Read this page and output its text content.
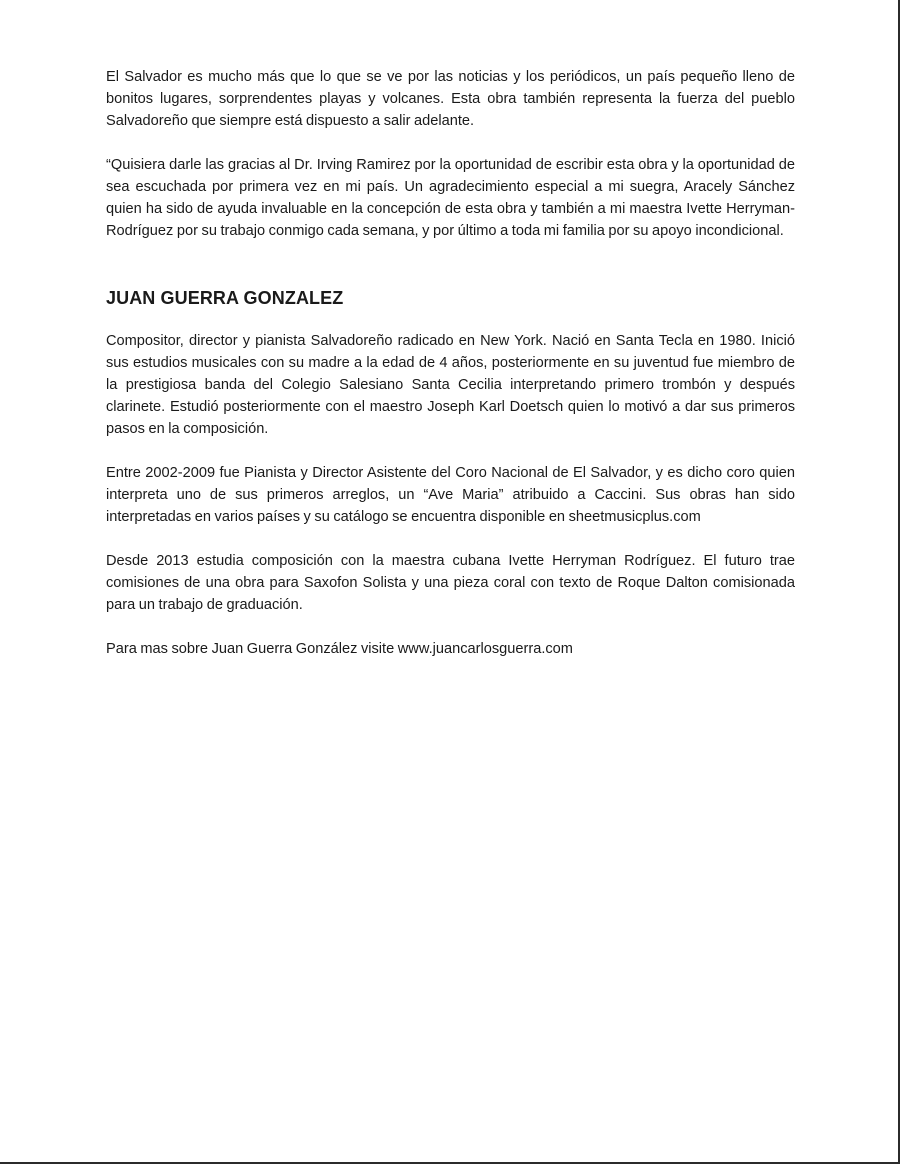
El Salvador es mucho más que lo que se ve por las noticias y los periódicos, un país pequeño lleno de bonitos lugares, sorprendentes playas y volcanes. Esta obra también representa la fuerza del pueblo Salvadoreño que siempre está dispuesto a salir adelante.

“Quisiera darle las gracias al Dr. Irving Ramirez por la oportunidad de escribir esta obra y la oportunidad de sea escuchada por primera vez en mi país. Un agradecimiento especial a mi suegra, Aracely Sánchez quien ha sido de ayuda invaluable en la concepción de esta obra y también a mi maestra Ivette Herryman-Rodríguez por su trabajo conmigo cada semana, y por último a toda mi familia por su apoyo incondicional.

JUAN GUERRA GONZALEZ

Compositor, director y pianista Salvadoreño radicado en New York. Nació en Santa Tecla en 1980. Inició sus estudios musicales con su madre a la edad de 4 años, posteriormente en su juventud fue miembro de la prestigiosa banda del Colegio Salesiano Santa Cecilia interpretando primero trombón y después clarinete. Estudió posteriormente con el maestro Joseph Karl Doetsch quien lo motivó a dar sus primeros pasos en la composición.

Entre 2002-2009 fue Pianista y Director Asistente del Coro Nacional de El Salvador, y es dicho coro quien interpreta uno de sus primeros arreglos, un “Ave Maria” atribuido a Caccini. Sus obras han sido interpretadas en varios países y su catálogo se encuentra disponible en sheetmusicplus.com

Desde 2013 estudia composición con la maestra cubana Ivette Herryman Rodríguez. El futuro trae comisiones de una obra para Saxofon Solista y una pieza coral con texto de Roque Dalton comisionada para un trabajo de graduación.

Para mas sobre Juan Guerra González visite www.juancarlosguerra.com
